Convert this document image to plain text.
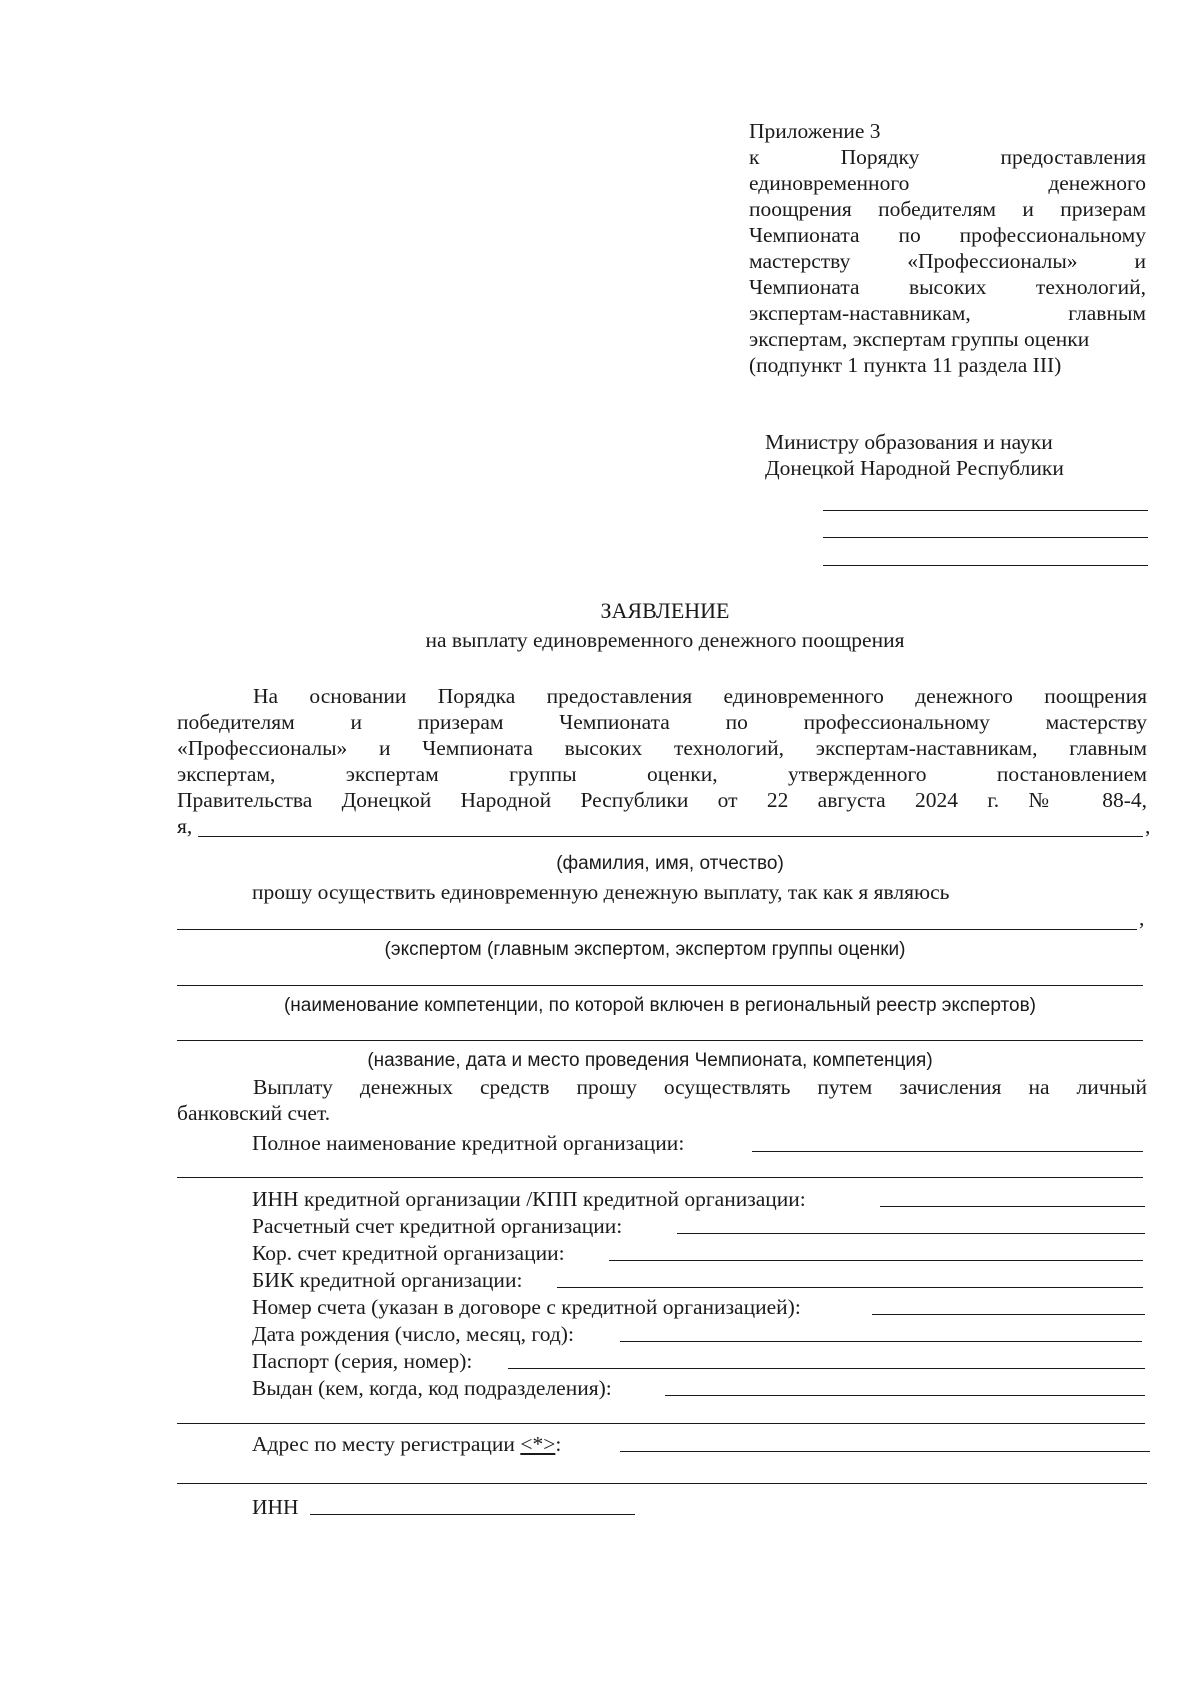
Приложение 3
к Порядку предоставления
единовременного денежного
поощрения победителям и призерам
Чемпионата по профессиональному
мастерству «Профессионалы» и
Чемпионата высоких технологий,
экспертам-наставникам, главным
экспертам, экспертам группы оценки
(подпункт 1 пункта 11 раздела III)
Министру образования и науки
Донецкой Народной Республики
ЗАЯВЛЕНИЕ
на выплату единовременного денежного поощрения
На основании Порядка предоставления единовременного денежного поощрения
победителям и призерам Чемпионата по профессиональному мастерству
«Профессионалы» и Чемпионата высоких технологий, экспертам-наставникам, главным
экспертам, экспертам группы оценки, утвержденного постановлением
Правительства Донецкой Народной Республики от 22 августа 2024 г. № 88-4,
я,	,
(фамилия, имя, отчество)
прошу осуществить единовременную денежную выплату, так как я являюсь
,
(экспертом (главным экспертом, экспертом группы оценки)
(наименование компетенции, по которой включен в региональный реестр экспертов)
(название, дата и место проведения Чемпионата, компетенция)
Выплату денежных средств прошу осуществлять путем зачисления на личный
банковский счет.
Полное наименование кредитной организации:
ИНН кредитной организации /КПП кредитной организации:
Расчетный счет кредитной организации:
Кор. счет кредитной организации:
БИК кредитной организации:
Номер счета (указан в договоре с кредитной организацией):
Дата рождения (число, месяц, год):
Паспорт (серия, номер):
Выдан (кем, когда, код подразделения):
Адрес по месту регистрации <*>:
ИНН
